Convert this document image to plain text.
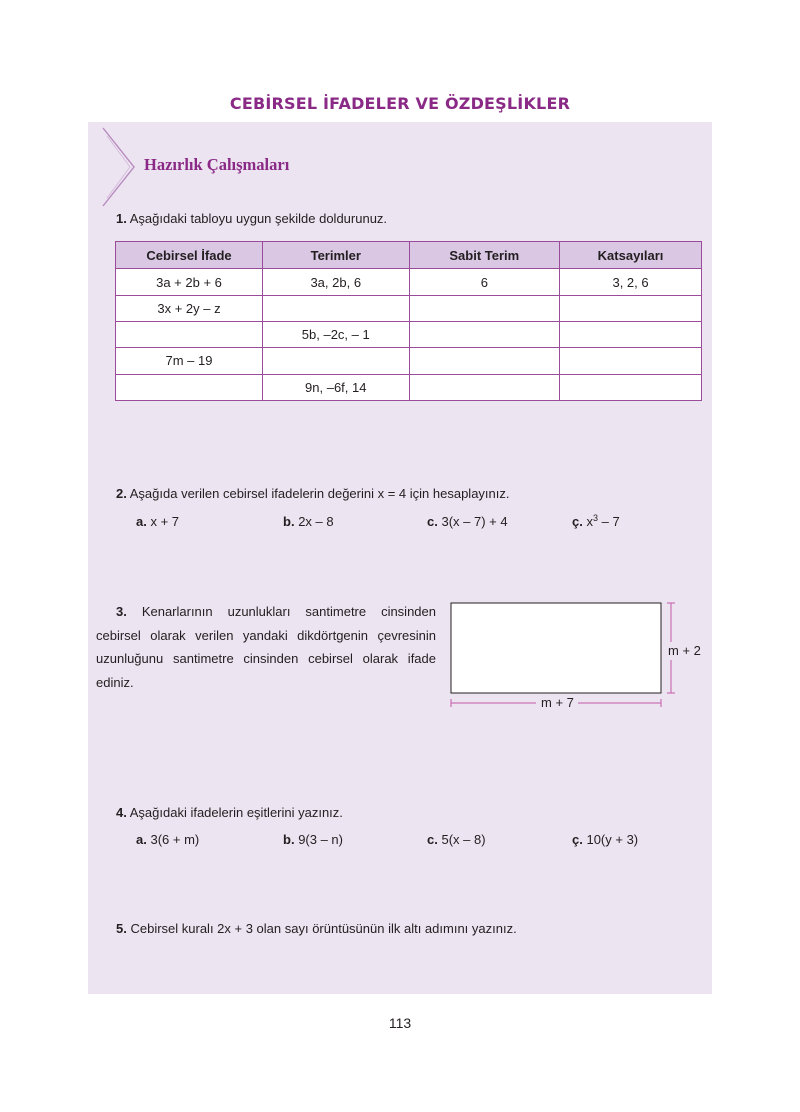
CEBİRSEL İFADELER VE ÖZDEŞLİKLER
Hazırlık Çalışmaları
1. Aşağıdaki tabloyu uygun şekilde doldurunuz.
Cebirsel İfade	Terimler	Sabit Terim	Katsayıları
3a + 2b + 6	3a, 2b, 6	6	3, 2, 6
3x + 2y – z			
	5b, –2c, – 1		
7m – 19			
	9n, –6f, 14		
2. Aşağıda verilen cebirsel ifadelerin değerini x = 4 için hesaplayınız.
a. x + 7	b. 2x – 8	c. 3(x – 7) + 4	ç. $x^3 - 7$
3. Kenarlarının uzunlukları santimetre cinsinden cebirsel olarak verilen yandaki dikdörtgenin çevresinin uzunluğunu santimetre cinsinden cebirsel olarak ifade ediniz.
m + 2
m + 7
4. Aşağıdaki ifadelerin eşitlerini yazınız.
a. 3(6 + m)	b. 9(3 – n)	c. 5(x – 8)	ç. 10(y + 3)
5. Cebirsel kuralı 2x + 3 olan sayı örüntüsünün ilk altı adımını yazınız.
113
